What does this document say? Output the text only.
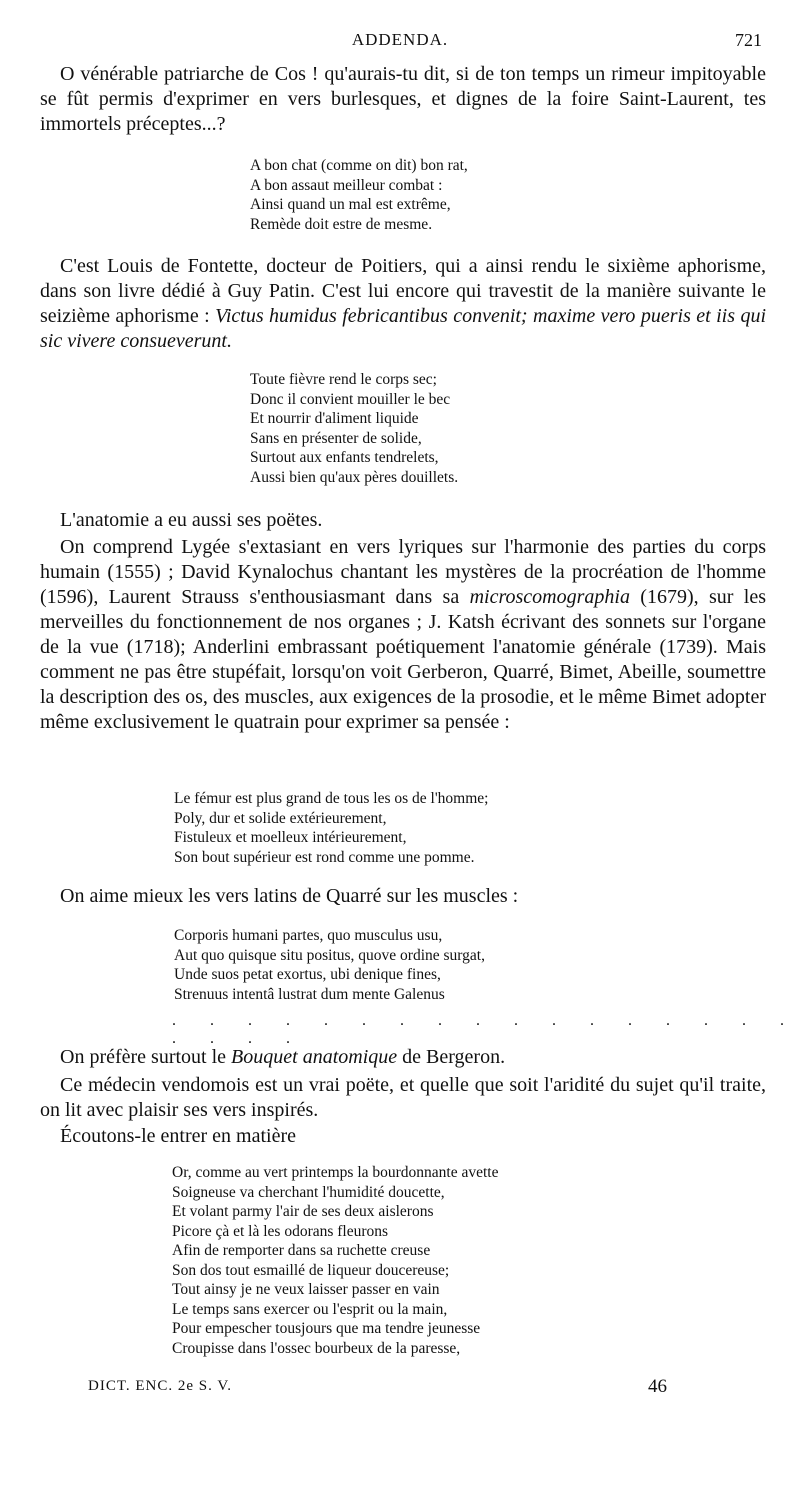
ADDENDA.	721

O vénérable patriarche de Cos ! qu'aurais-tu dit, si de ton temps un rimeur impitoyable se fût permis d'exprimer en vers burlesques, et dignes de la foire Saint-Laurent, tes immortels préceptes...?

A bon chat (comme on dit) bon rat,
A bon assaut meilleur combat :
Ainsi quand un mal est extrême,
Remède doit estre de mesme.

C'est Louis de Fontette, docteur de Poitiers, qui a ainsi rendu le sixième aphorisme, dans son livre dédié à Guy Patin. C'est lui encore qui travestit de la manière suivante le seizième aphorisme : Victus humidus febricantibus convenit; maxime vero pueris et iis qui sic vivere consueverunt.

Toute fièvre rend le corps sec;
Donc il convient mouiller le bec
Et nourrir d'aliment liquide
Sans en présenter de solide,
Surtout aux enfants tendrelets,
Aussi bien qu'aux pères douillets.

L'anatomie a eu aussi ses poëtes.

On comprend Lygée s'extasiant en vers lyriques sur l'harmonie des parties du corps humain (1555) ; David Kynalochus chantant les mystères de la procréation de l'homme (1596), Laurent Strauss s'enthousiasmant dans sa microscomographia (1679), sur les merveilles du fonctionnement de nos organes ; J. Katsh écrivant des sonnets sur l'organe de la vue (1718); Anderlini embrassant poétiquement l'anatomie générale (1739). Mais comment ne pas être stupéfait, lorsqu'on voit Gerberon, Quarré, Bimet, Abeille, soumettre la description des os, des muscles, aux exigences de la prosodie, et le même Bimet adopter même exclusivement le quatrain pour exprimer sa pensée :

Le fémur est plus grand de tous les os de l'homme;
Poly, dur et solide extérieurement,
Fistuleux et moelleux intérieurement,
Son bout supérieur est rond comme une pomme.

On aime mieux les vers latins de Quarré sur les muscles :

Corporis humani partes, quo musculus usu,
Aut quo quisque situ positus, quove ordine surgat,
Unde suos petat exortus, ubi denique fines,
Strenuus intentâ lustrat dum mente Galenus
. . . . . . . . . . . . . . . . . . . . .

On préfère surtout le Bouquet anatomique de Bergeron.

Ce médecin vendomois est un vrai poëte, et quelle que soit l'aridité du sujet qu'il traite, on lit avec plaisir ses vers inspirés.

Écoutons-le entrer en matière

Or, comme au vert printemps la bourdonnante avette
Soigneuse va cherchant l'humidité doucette,
Et volant parmy l'air de ses deux aislerons
Picore çà et là les odorans fleurons
Afin de remporter dans sa ruchette creuse
Son dos tout esmaillé de liqueur doucereuse;
Tout ainsy je ne veux laisser passer en vain
Le temps sans exercer ou l'esprit ou la main,
Pour empescher tousjours que ma tendre jeunesse
Croupisse dans l'ossec bourbeux de la paresse,
DICT. ENC. 2e S. V.	46
